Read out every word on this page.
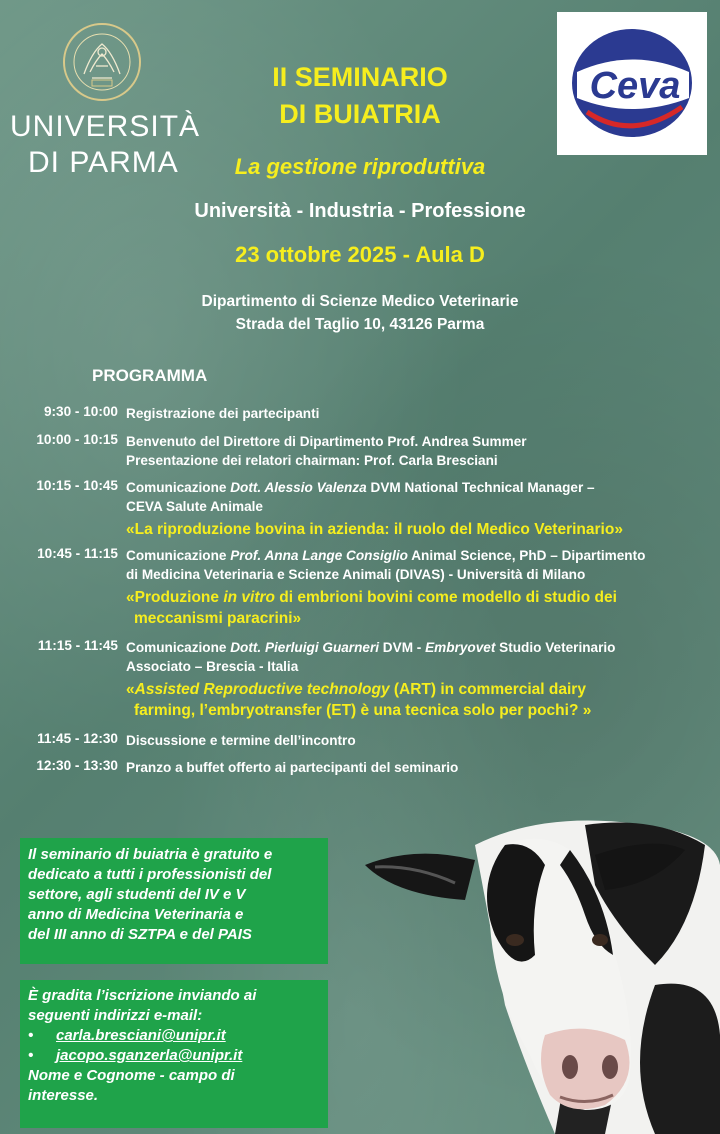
UNIVERSITÀ
DI PARMA
Ceva
II SEMINARIO
DI BUIATRIA
La gestione riproduttiva
Università - Industria - Professione
23 ottobre 2025 - Aula D
Dipartimento di Scienze Medico Veterinarie
Strada del Taglio 10, 43126 Parma
PROGRAMMA
9:30 - 10:00 Registrazione dei partecipanti
10:00 - 10:15 Benvenuto del Direttore di Dipartimento Prof. Andrea Summer
Presentazione dei relatori chairman: Prof. Carla Bresciani
10:15 - 10:45 Comunicazione Dott. Alessio Valenza DVM National Technical Manager –
CEVA Salute Animale
«La riproduzione bovina in azienda: il ruolo del Medico Veterinario»
10:45 - 11:15 Comunicazione Prof. Anna Lange Consiglio Animal Science, PhD – Dipartimento
di Medicina Veterinaria e Scienze Animali (DIVAS) - Università di Milano
«Produzione in vitro di embrioni bovini come modello di studio dei
meccanismi paracrini»
11:15 - 11:45 Comunicazione Dott. Pierluigi Guarneri DVM - Embryovet Studio Veterinario
Associato – Brescia - Italia
«Assisted Reproductive technology (ART) in commercial dairy
farming, l’embryotransfer (ET) è una tecnica solo per pochi? »
11:45 - 12:30 Discussione e termine dell’incontro
12:30 - 13:30 Pranzo a buffet offerto ai partecipanti del seminario
Il seminario di buiatria è gratuito e
dedicato a tutti i professionisti del
settore, agli studenti del IV e V
anno di Medicina Veterinaria e
del III anno di SZTPA e del PAIS
È gradita l’iscrizione inviando ai
seguenti indirizzi e-mail:
• carla.bresciani@unipr.it
• jacopo.sganzerla@unipr.it
Nome e Cognome - campo di
interesse.
